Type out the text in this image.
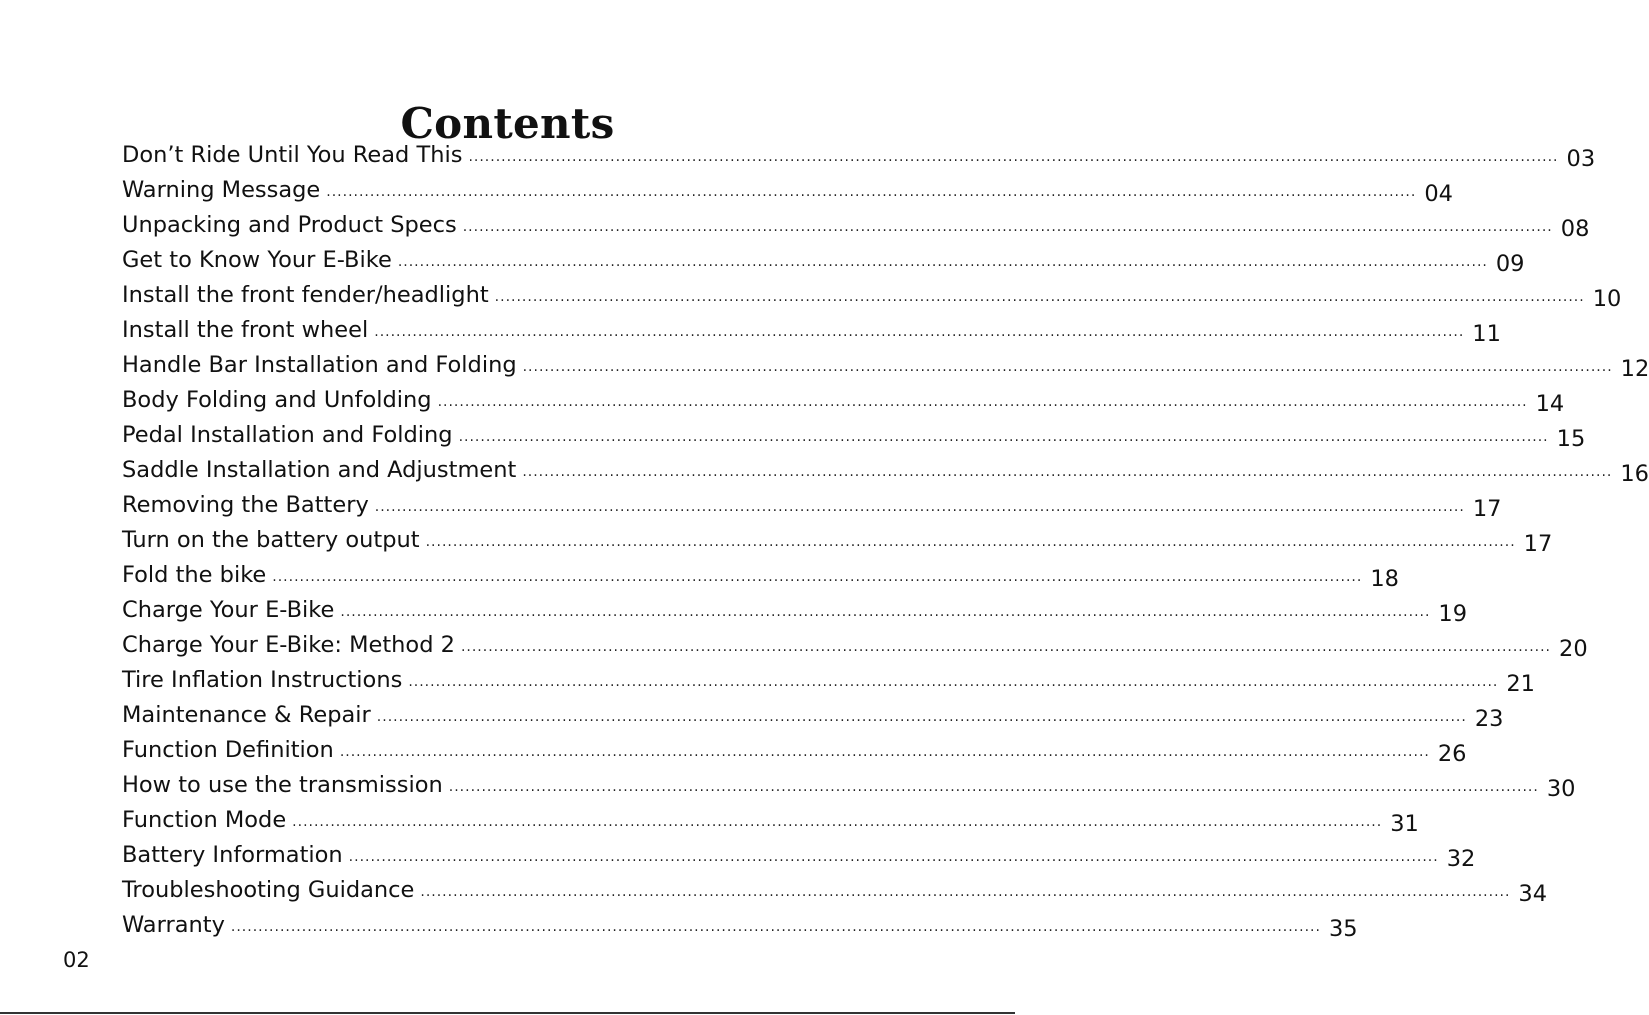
Contents
Don’t Ride Until You Read This ........................................................................................................................................................................................................ 03
Warning Message ........................................................................................................................................................................................................ 04
Unpacking and Product Specs ........................................................................................................................................................................................................ 08
Get to Know Your E-Bike ........................................................................................................................................................................................................ 09
Install the front fender/headlight ........................................................................................................................................................................................................ 10
Install the front wheel ........................................................................................................................................................................................................ 11
Handle Bar Installation and Folding ........................................................................................................................................................................................................ 12
Body Folding and Unfolding ........................................................................................................................................................................................................ 14
Pedal Installation and Folding ........................................................................................................................................................................................................ 15
Saddle Installation and Adjustment ........................................................................................................................................................................................................ 16
Removing the Battery ........................................................................................................................................................................................................ 17
Turn on the battery output ........................................................................................................................................................................................................ 17
Fold the bike ........................................................................................................................................................................................................ 18
Charge Your E-Bike ........................................................................................................................................................................................................ 19
Charge Your E-Bike: Method 2 ........................................................................................................................................................................................................ 20
Tire Inflation Instructions ........................................................................................................................................................................................................ 21
Maintenance & Repair ........................................................................................................................................................................................................ 23
Function Definition ........................................................................................................................................................................................................ 26
How to use the transmission ........................................................................................................................................................................................................ 30
Function Mode ........................................................................................................................................................................................................ 31
Battery Information ........................................................................................................................................................................................................ 32
Troubleshooting Guidance ........................................................................................................................................................................................................ 34
Warranty ........................................................................................................................................................................................................ 35
02
